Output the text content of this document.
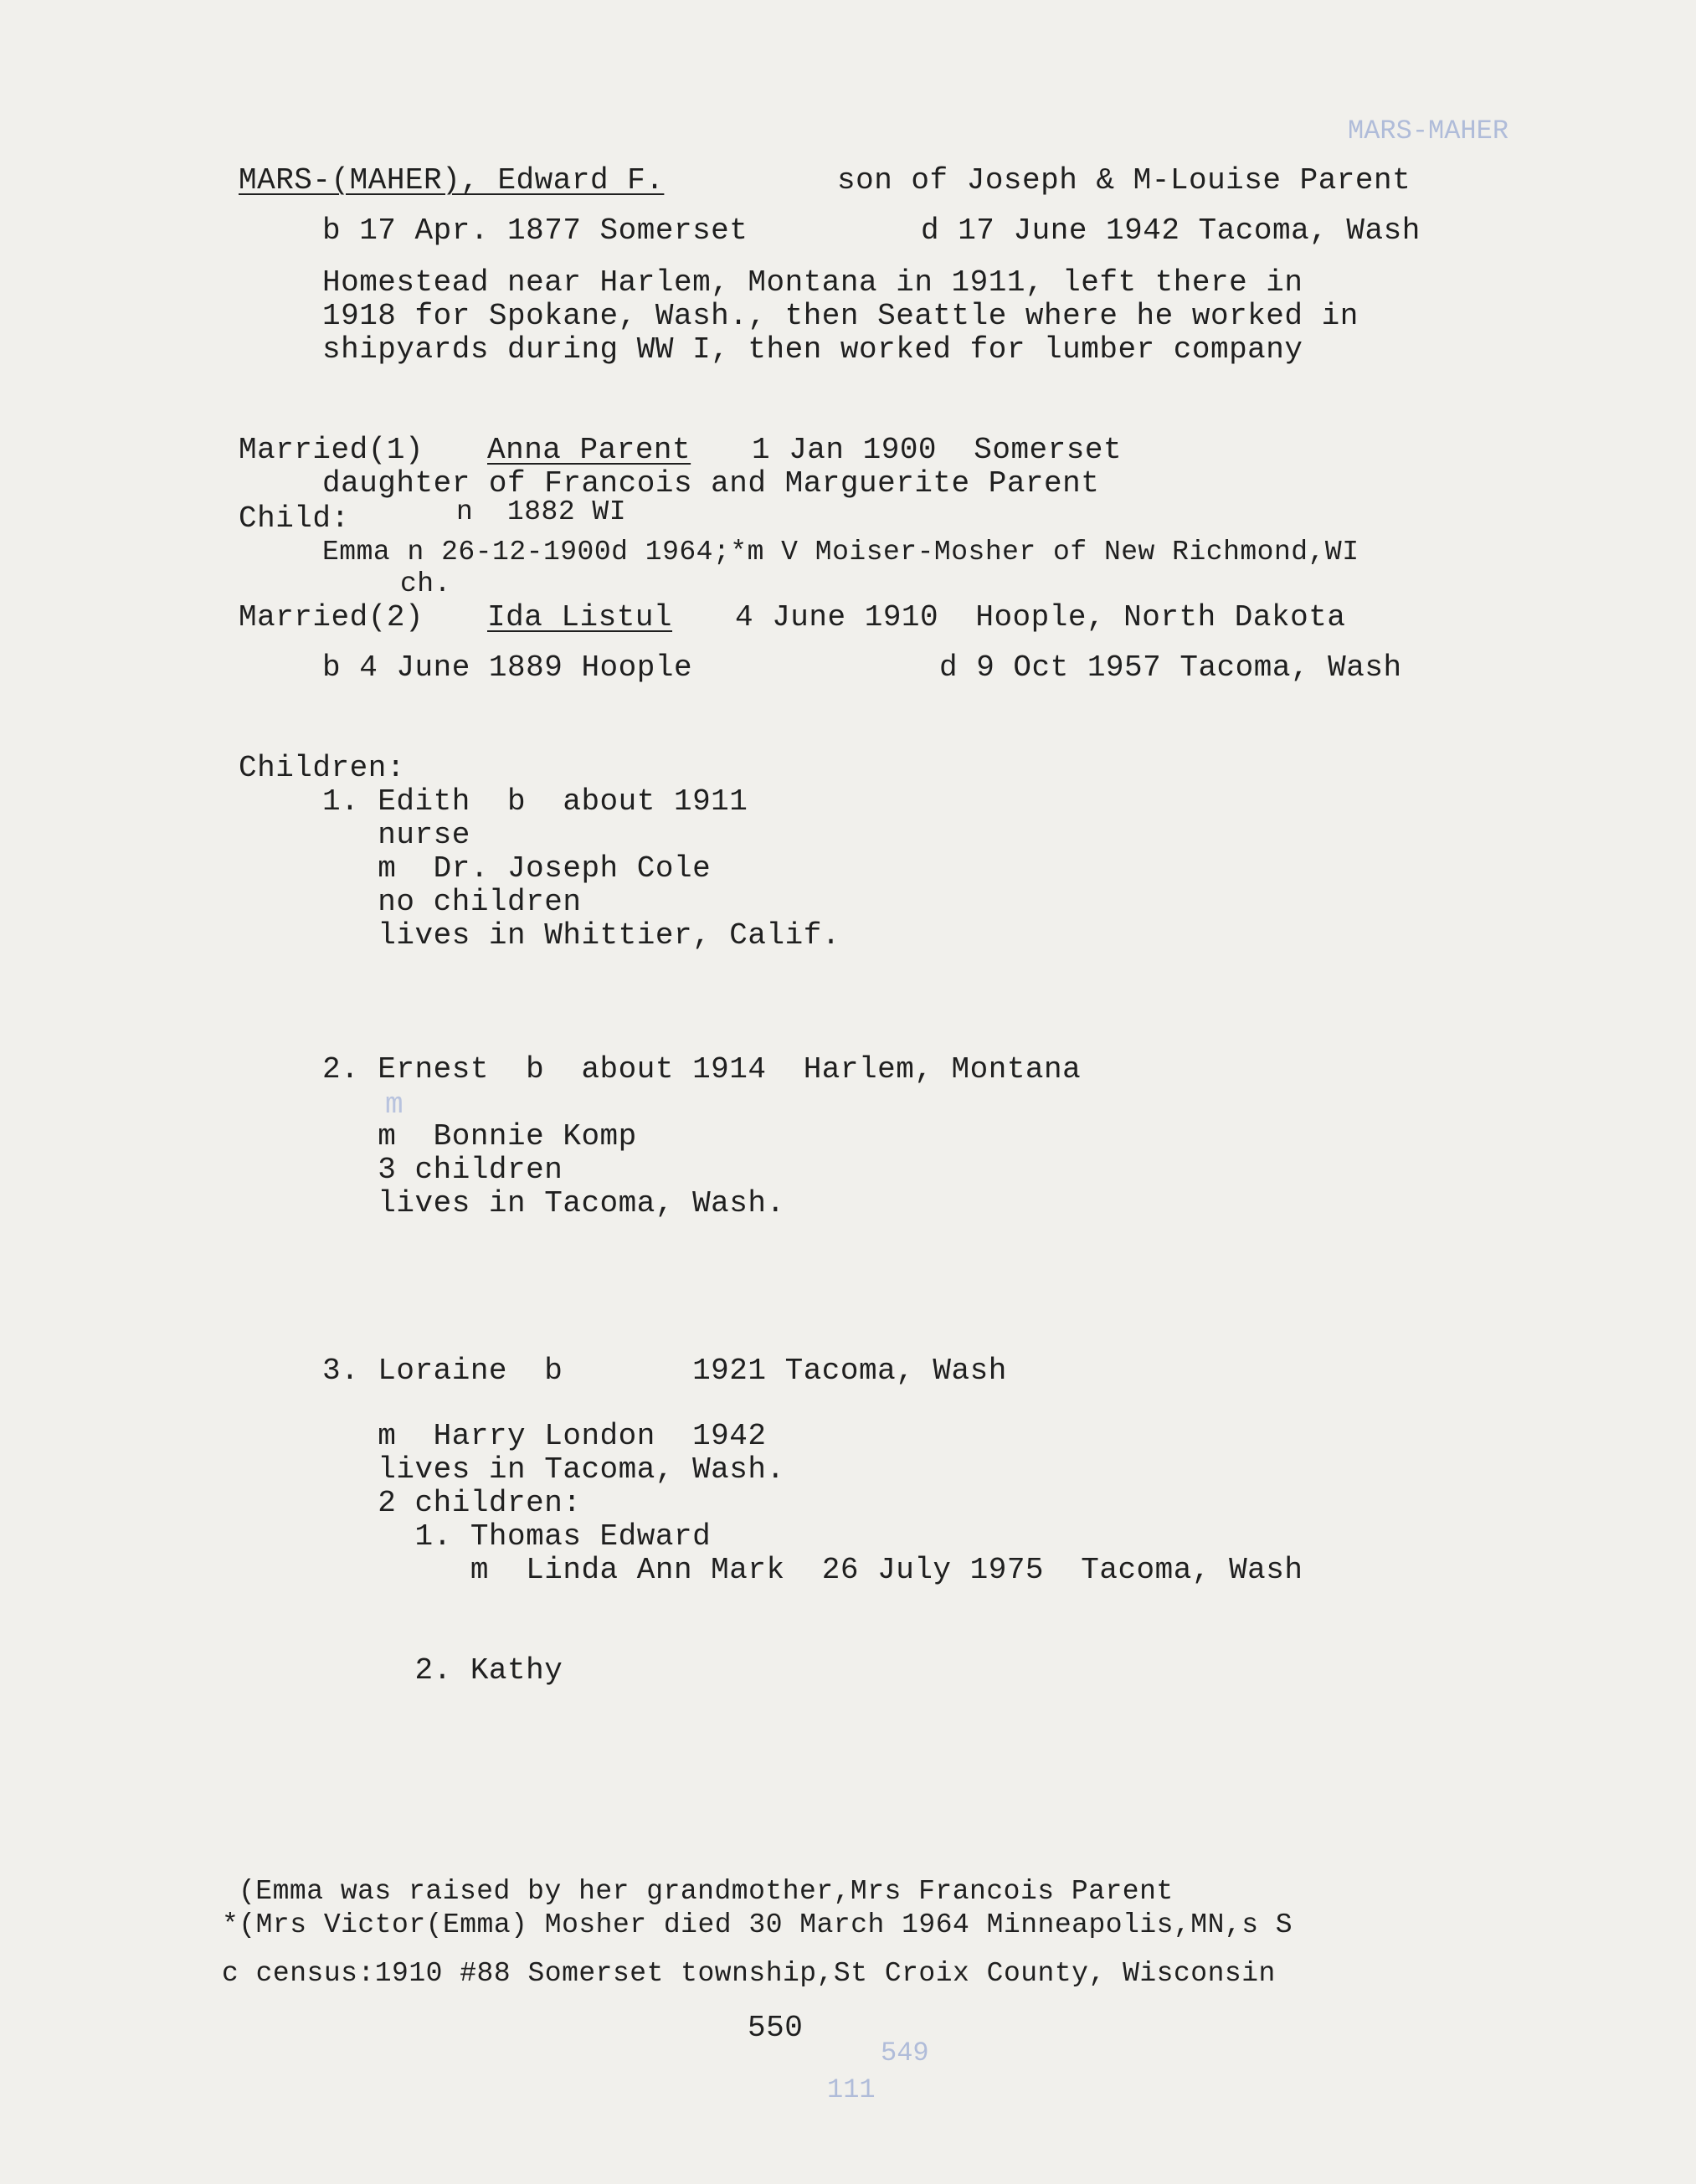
MARS-MAHER
MARS-(MAHER), Edward F.	son of Joseph & M-Louise Parent
b 17 Apr. 1877 Somerset	d 17 June 1942 Tacoma, Wash
Homestead near Harlem, Montana in 1911, left there in
1918 for Spokane, Wash., then Seattle where he worked in
shipyards during WW I, then worked for lumber company
Married(1) Anna Parent 1 Jan 1900  Somerset
daughter of Francois and Marguerite Parent
Child:	n  1882 WI
Emma n 26-12-1900d 1964;*m V Moiser-Mosher of New Richmond,WI
ch.
Married(2) Ida Listul 4 June 1910  Hoople, North Dakota
b 4 June 1889 Hoople	d 9 Oct 1957 Tacoma, Wash
Children:
1. Edith  b  about 1911
nurse
m  Dr. Joseph Cole
no children
lives in Whittier, Calif.
2. Ernest  b  about 1914  Harlem, Montana
m
m  Bonnie Komp
3 children
lives in Tacoma, Wash.
3. Loraine  b       1921 Tacoma, Wash
m  Harry London  1942
lives in Tacoma, Wash.
2 children:
1. Thomas Edward
m  Linda Ann Mark  26 July 1975  Tacoma, Wash
2. Kathy
(Emma was raised by her grandmother,Mrs Francois Parent
*(Mrs Victor(Emma) Mosher died 30 March 1964 Minneapolis,MN,s S
c census:1910 #88 Somerset township,St Croix County, Wisconsin
550
549
111
